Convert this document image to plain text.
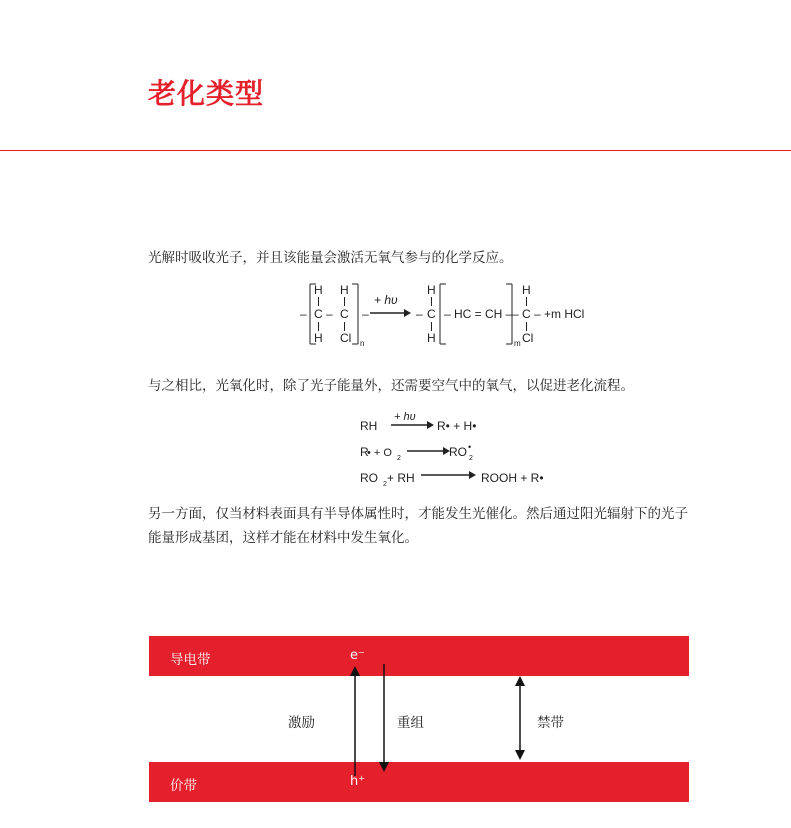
老化类型

光解时吸收光子，并且该能量会激活无氧气参与的化学反应。

–
H H
C – C
H Cl n
–
+ hʋ
–
H
C
H
– HC = CH –
m
–
H
C
Cl
– +m HCl

与之相比，光氧化时，除了光子能量外，还需要空气中的氧气，以促进老化流程。

RH
+ hʋ
R• + H•
R
• + O 2	RO 2
•
RO 2 + RH	ROOH + R•

另一方面，仅当材料表面具有半导体属性时，才能发生光催化。然后通过阳光辐射下的光子能量形成基团，这样才能在材料中发生氧化。

导电带
价带
e⁻
h⁺
激励	重组	禁带
